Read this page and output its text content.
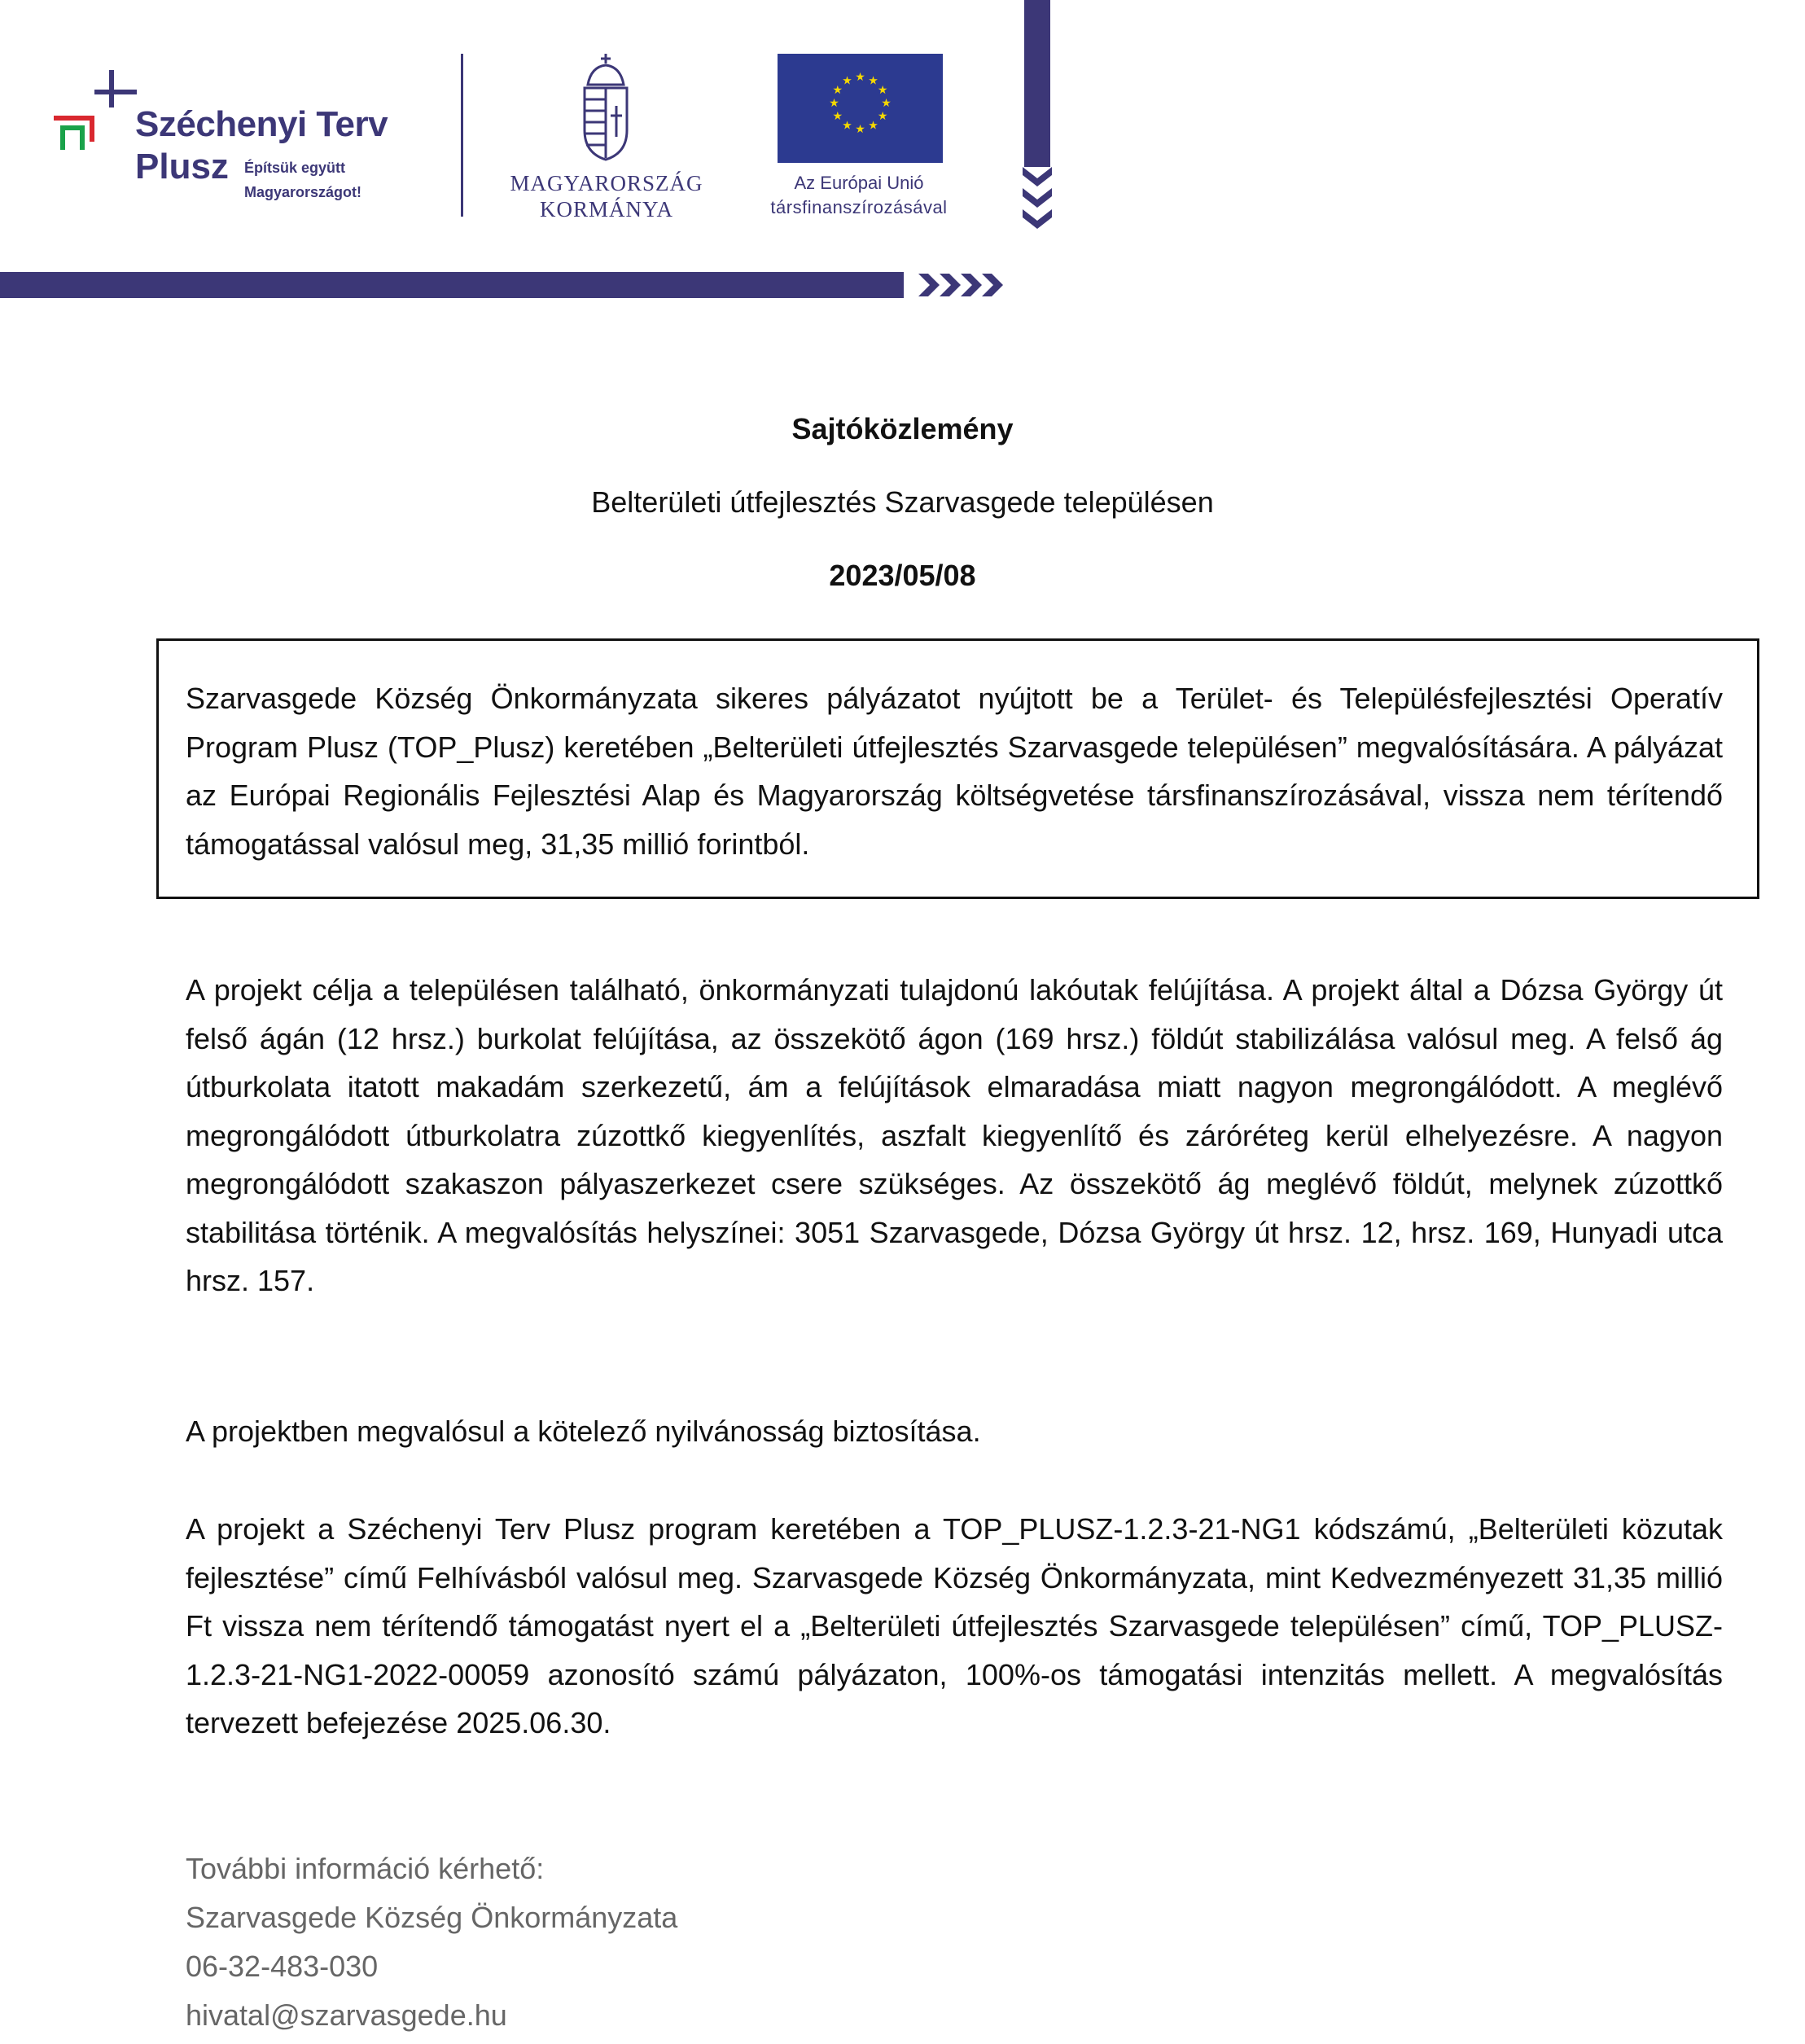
Széchenyi Terv
Plusz Építsük együtt
Magyarországot!	MAGYARORSZÁG
KORMÁNYA
★ ★
★
★
★
★
★
★
★
★
★
★
Az Európai Unió
társfinanszírozásával
Sajtóközlemény
Belterületi útfejlesztés Szarvasgede településen
2023/05/08

Szarvasgede Község Önkormányzata sikeres pályázatot nyújtott be a Terület- és Településfejlesztési Operatív Program Plusz (TOP_Plusz) keretében „Belterületi útfejlesztés Szarvasgede településen” megvalósítására. A pályázat az Európai Regionális Fejlesztési Alap és Magyarország költségvetése társfinanszírozásával, vissza nem térítendő támogatással valósul meg, 31,35 millió forintból.

A projekt célja a településen található, önkormányzati tulajdonú lakóutak felújítása. A projekt által a Dózsa György út felső ágán (12 hrsz.) burkolat felújítása, az összekötő ágon (169 hrsz.) földút stabilizálása valósul meg. A felső ág útburkolata itatott makadám szerkezetű, ám a felújítások elmaradása miatt nagyon megrongálódott. A meglévő megrongálódott útburkolatra zúzottkő kiegyenlítés, aszfalt kiegyenlítő és záróréteg kerül elhelyezésre. A nagyon megrongálódott szakaszon pályaszerkezet csere szükséges. Az összekötő ág meglévő földút, melynek zúzottkő stabilitása történik. A megvalósítás helyszínei: 3051 Szarvasgede, Dózsa György út hrsz. 12, hrsz. 169, Hunyadi utca hrsz. 157.

A projektben megvalósul a kötelező nyilvánosság biztosítása.

A projekt a Széchenyi Terv Plusz program keretében a TOP_PLUSZ-1.2.3-21-NG1 kódszámú, „Belterületi közutak fejlesztése” című Felhívásból valósul meg. Szarvasgede Község Önkormányzata, mint Kedvezményezett 31,35 millió Ft vissza nem térítendő támogatást nyert el a „Belterületi útfejlesztés Szarvasgede településen” című, TOP_PLUSZ-1.2.3-21-NG1-2022-00059 azonosító számú pályázaton, 100%-os támogatási intenzitás mellett. A megvalósítás tervezett befejezése 2025.06.30.

További információ kérhető:
Szarvasgede Község Önkormányzata
06-32-483-030
hivatal@szarvasgede.hu
